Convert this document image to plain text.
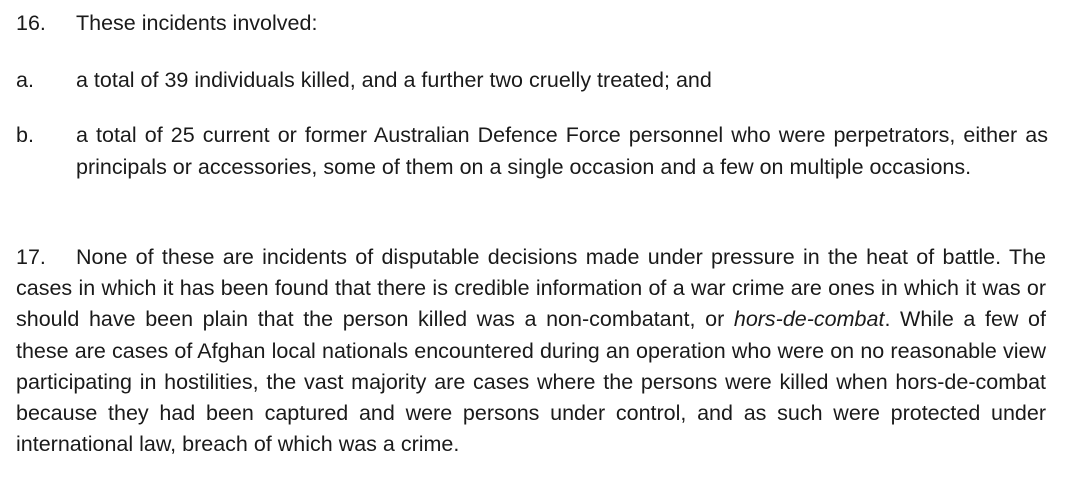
16. These incidents involved:
a. a total of 39 individuals killed, and a further two cruelly treated; and
b. a total of 25 current or former Australian Defence Force personnel who were perpetrators, either as principals or accessories, some of them on a single occasion and a few on multiple occasions.

17. None of these are incidents of disputable decisions made under pressure in the heat of battle. The cases in which it has been found that there is credible information of a war crime are ones in which it was or should have been plain that the person killed was a non-combatant, or hors-de-combat. While a few of these are cases of Afghan local nationals encountered during an operation who were on no reasonable view participating in hostilities, the vast majority are cases where the persons were killed when hors-de-combat because they had been captured and were persons under control, and as such were protected under international law, breach of which was a crime.
